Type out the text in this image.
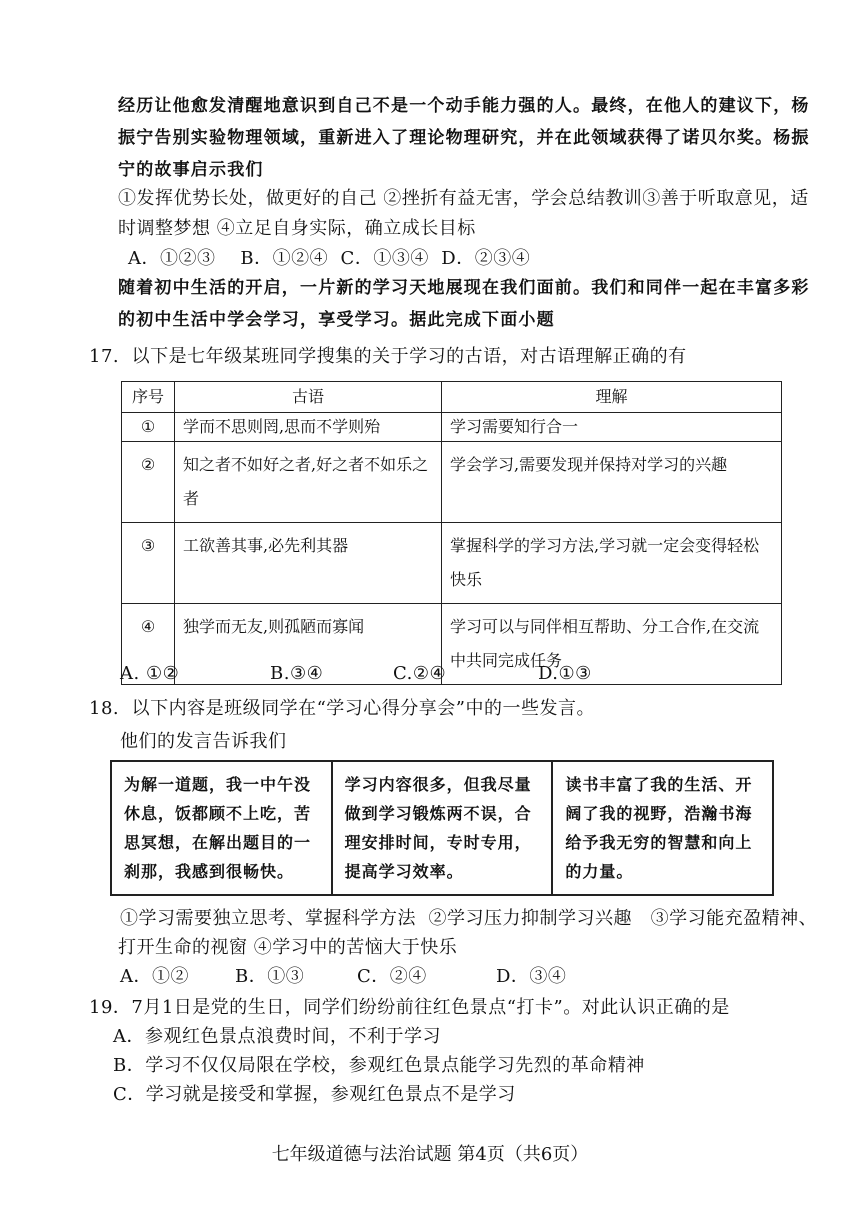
经历让他愈发清醒地意识到自己不是一个动手能力强的人。最终，在他人的建议下，杨
振宁告别实验物理领域，重新进入了理论物理研究，并在此领域获得了诺贝尔奖。杨振
宁的故事启示我们
①发挥优势长处，做更好的自己 ②挫折有益无害，学会总结教训③善于听取意见，适
时调整梦想 ④立足自身实际，确立成长目标
A．①②③    B．①②④  C．①③④  D．②③④
随着初中生活的开启，一片新的学习天地展现在我们面前。我们和同伴一起在丰富多彩
的初中生活中学会学习，享受学习。据此完成下面小题
17.  以下是七年级某班同学搜集的关于学习的古语，对古语理解正确的有
序号	古语	理解
①	学而不思则罔,思而不学则殆	学习需要知行合一
②	知之者不如好之者,好之者不如乐之者	学会学习,需要发现并保持对学习的兴趣
③	工欲善其事,必先利其器	掌握科学的学习方法,学习就一定会变得轻松快乐
④	独学而无友,则孤陋而寡闻	学习可以与同伴相互帮助、分工合作,在交流中共同完成任务
A. ①②	B.③④	C.②④	D.①③
18.  以下内容是班级同学在“学习心得分享会”中的一些发言。
他们的发言告诉我们
为解一道题，我一中午没休息，饭都顾不上吃，苦思冥想，在解出题目的一刹那，我感到很畅快。
学习内容很多，但我尽量做到学习锻炼两不误，合理安排时间，专时专用，提高学习效率。
读书丰富了我的生活、开阔了我的视野，浩瀚书海给予我无穷的智慧和向上的力量。
①学习需要独立思考、掌握科学方法  ②学习压力抑制学习兴趣   ③学习能充盈精神、
打开生命的视窗 ④学习中的苦恼大于快乐
A．①②	B．①③	C．②④	D．③④
19．7月1日是党的生日，同学们纷纷前往红色景点“打卡”。对此认识正确的是
A．参观红色景点浪费时间，不利于学习
B．学习不仅仅局限在学校，参观红色景点能学习先烈的革命精神
C．学习就是接受和掌握，参观红色景点不是学习
七年级道德与法治试题 第4页（共6页）
